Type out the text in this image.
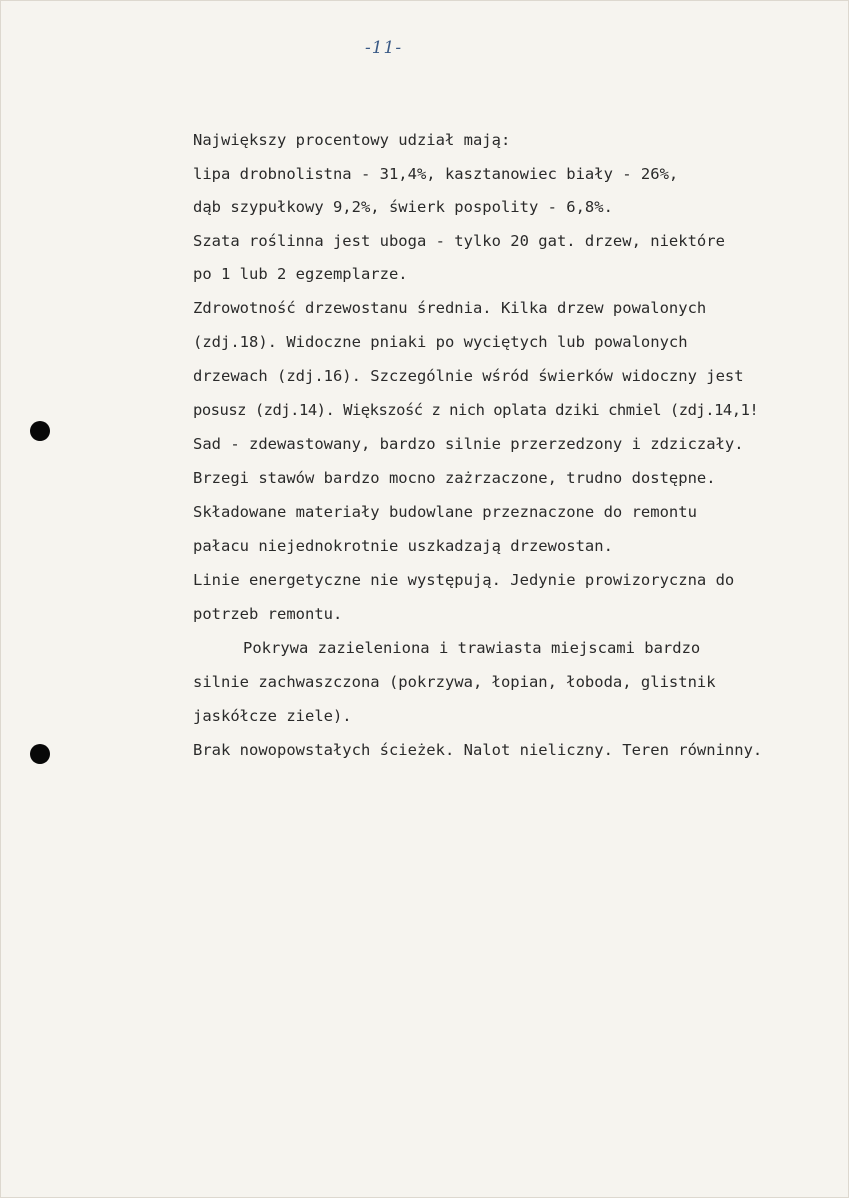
-11-
Największy procentowy udział mają:
lipa drobnolistna - 31,4%, kasztanowiec biały - 26%,
dąb szypułkowy 9,2%, świerk pospolity - 6,8%.
Szata roślinna jest uboga - tylko 20 gat. drzew, niektóre
po 1 lub 2 egzemplarze.
Zdrowotność drzewostanu średnia. Kilka drzew powalonych
(zdj.18). Widoczne pniaki po wyciętych lub powalonych
drzewach (zdj.16). Szczególnie wśród świerków widoczny jest
posusz (zdj.14). Większość z nich oplata dziki chmiel (zdj.14,1!
Sad - zdewastowany, bardzo silnie przerzedzony i zdziczały.
Brzegi stawów bardzo mocno zażrzaczone, trudno dostępne.
Składowane materiały budowlane przeznaczone do remontu
pałacu niejednokrotnie uszkadzają drzewostan.
Linie energetyczne nie występują. Jedynie prowizoryczna do
potrzeb remontu.
Pokrywa zazieleniona i trawiasta miejscami bardzo
silnie zachwaszczona (pokrzywa, łopian, łoboda, glistnik
jaskółcze ziele).
Brak nowopowstałych ścieżek. Nalot nieliczny. Teren równinny.
